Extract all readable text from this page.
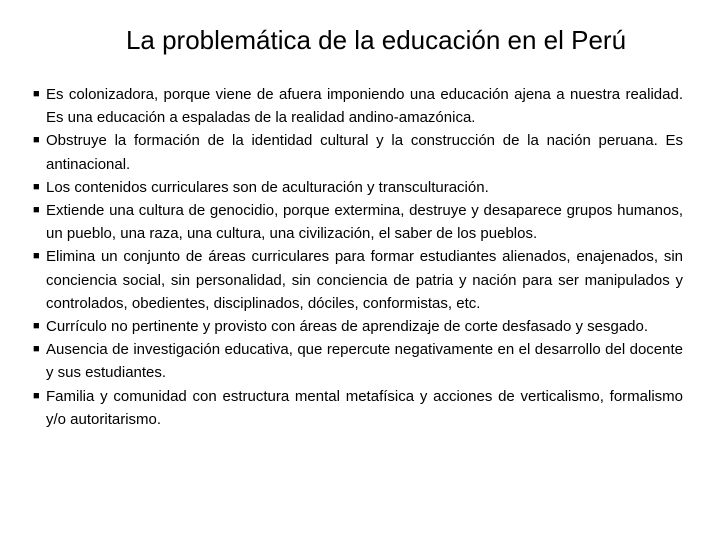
La problemática de la educación en el Perú
■ Es colonizadora, porque viene de afuera imponiendo una educación ajena a nuestra realidad. Es una educación a espaladas de la realidad andino-amazónica.
■ Obstruye la formación de la identidad cultural y la construcción de la nación peruana. Es antinacional.
■ Los contenidos curriculares son de aculturación y transculturación.
■ Extiende una cultura de genocidio, porque extermina, destruye y desaparece grupos humanos, un pueblo, una raza, una cultura, una civilización, el saber de los pueblos.
■ Elimina un conjunto de áreas curriculares para formar estudiantes alienados, enajenados, sin conciencia social, sin personalidad, sin conciencia de patria y nación para ser manipulados y controlados, obedientes, disciplinados, dóciles, conformistas, etc.
■ Currículo no pertinente y provisto con áreas de aprendizaje de corte desfasado y sesgado.
■ Ausencia de investigación educativa, que repercute negativamente en el desarrollo del docente y sus estudiantes.
■ Familia y comunidad con estructura mental metafísica y acciones de verticalismo, formalismo y/o autoritarismo.
